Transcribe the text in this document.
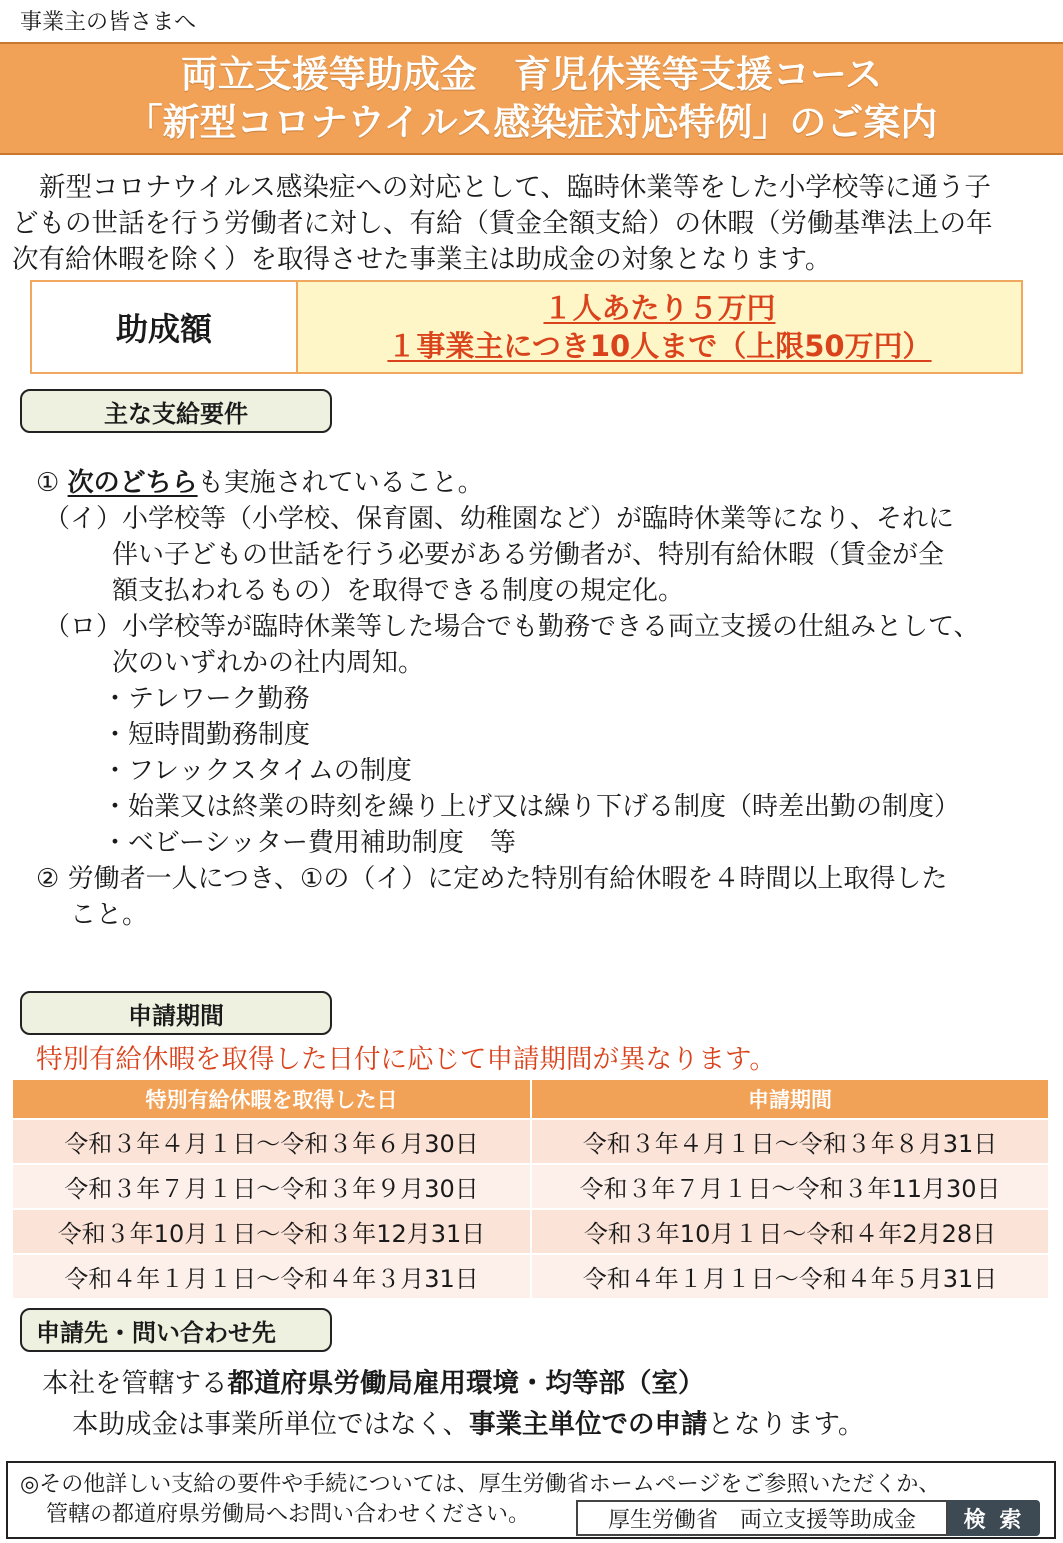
事業主の皆さまへ
両立支援等助成金　育児休業等支援コース
「新型コロナウイルス感染症対応特例」のご案内

新型コロナウイルス感染症への対応として、臨時休業等をした小学校等に通う子

どもの世話を行う労働者に対し、有給（賃金全額支給）の休暇（労働基準法上の年
次有給休暇を除く）を取得させた事業主は助成金の対象となります。
助成額
１人あたり５万円
１事業主につき10人まで（上限50万円）
主な支給要件
① 次のどちらも実施されていること。
（イ）小学校等（小学校、保育園、幼稚園など）が臨時休業等になり、それに
伴い子どもの世話を行う必要がある労働者が、特別有給休暇（賃金が全
額支払われるもの）を取得できる制度の規定化。
（ロ）小学校等が臨時休業等した場合でも勤務できる両立支援の仕組みとして、
次のいずれかの社内周知。
・テレワーク勤務
・短時間勤務制度
・フレックスタイムの制度
・始業又は終業の時刻を繰り上げ又は繰り下げる制度（時差出勤の制度）
・ベビーシッター費用補助制度　等
② 労働者一人につき、①の（イ）に定めた特別有給休暇を４時間以上取得した
こと。
申請期間
特別有給休暇を取得した日付に応じて申請期間が異なります。
特別有給休暇を取得した日	申請期間
令和３年４月１日～令和３年６月30日	令和３年４月１日～令和３年８月31日
令和３年７月１日～令和３年９月30日	令和３年７月１日～令和３年11月30日
令和３年10月１日～令和３年12月31日	令和３年10月１日～令和４年2月28日
令和４年１月１日～令和４年３月31日	令和４年１月１日～令和４年５月31日
申請先・問い合わせ先
本社を管轄する都道府県労働局雇用環境・均等部（室）
本助成金は事業所単位ではなく、事業主単位での申請となります。
◎その他詳しい支給の要件や手続については、厚生労働省ホームページをご参照いただくか、
管轄の都道府県労働局へお問い合わせください。	厚生労働省　両立支援等助成金	検 索
